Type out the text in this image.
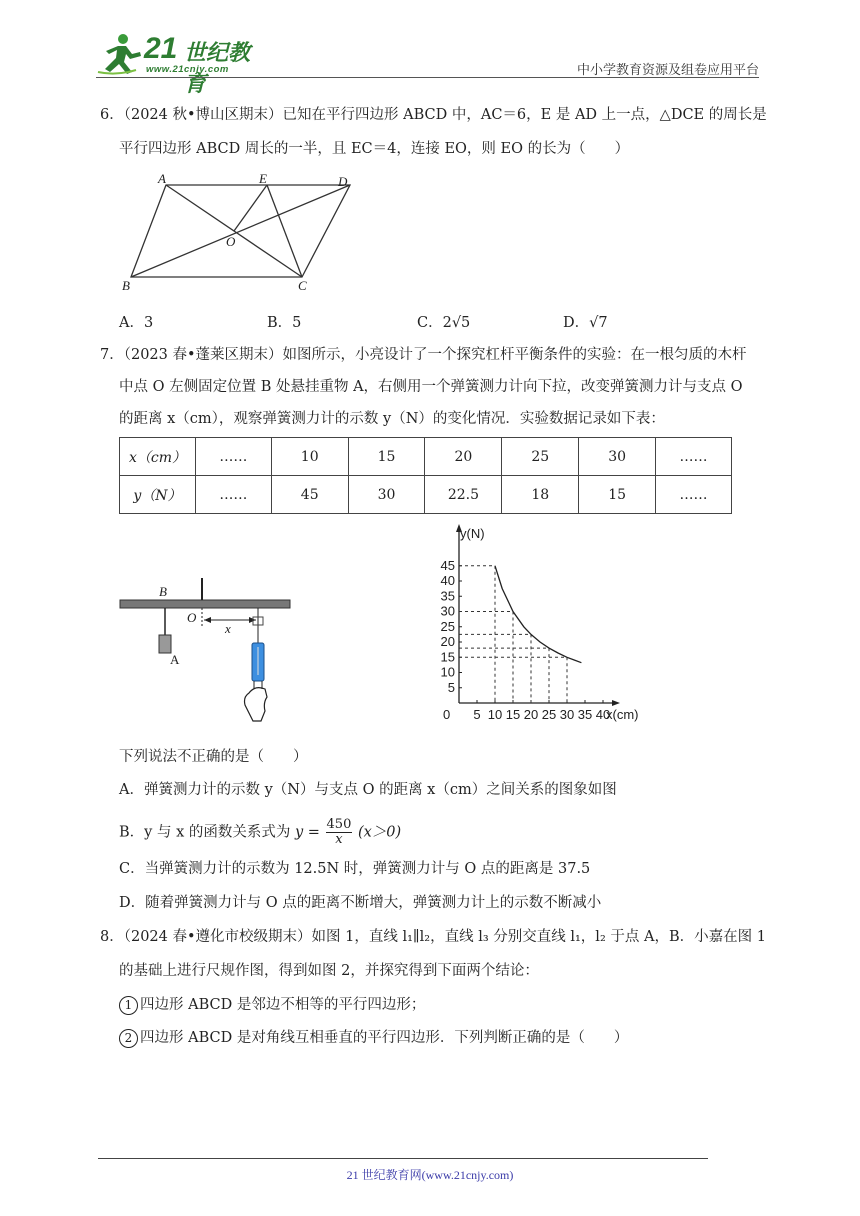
21 世纪教育
www.21cnjy.com	中小学教育资源及组卷应用平台
6．（2024 秋•博山区期末）已知在平行四边形 ABCD 中，AC＝6，E 是 AD 上一点，△DCE 的周长是
平行四边形 ABCD 周长的一半，且 EC＝4，连接 EO，则 EO 的长为（　　）
A	E	D
O
B	C
A．3	B．5	C．2√5	D．√7
7．（2023 春•蓬莱区期末）如图所示，小亮设计了一个探究杠杆平衡条件的实验：在一根匀质的木杆
中点 O 左侧固定位置 B 处悬挂重物 A，右侧用一个弹簧测力计向下拉，改变弹簧测力计与支点 O
的距离 x（cm），观察弹簧测力计的示数 y（N）的变化情况．实验数据记录如下表：
x（cm）	……	10	15	20	25	30	……
y（N）	……	45	30	22.5	18	15	……
B
O
x
A
5 10 15 20 25 30 35 40
5
10
15
20
25
30
35
40
45
y(N)
x(cm)
0
下列说法不正确的是（　　）
A．弹簧测力计的示数 y（N）与支点 O 的距离 x（cm）之间关系的图象如图
B．y 与 x 的函数关系式为 $y = \frac{450}{x} (x>0)$
C．当弹簧测力计的示数为 12.5N 时，弹簧测力计与 O 点的距离是 37.5
D．随着弹簧测力计与 O 点的距离不断增大，弹簧测力计上的示数不断减小
8．（2024 春•遵化市校级期末）如图 1，直线 l₁∥l₂，直线 l₃ 分别交直线 l₁，l₂ 于点 A，B．小嘉在图 1
的基础上进行尺规作图，得到如图 2，并探究得到下面两个结论：
1 四边形 ABCD 是邻边不相等的平行四边形；
2 四边形 ABCD 是对角线互相垂直的平行四边形．下列判断正确的是（　　）
21 世纪教育网(www.21cnjy.com)
